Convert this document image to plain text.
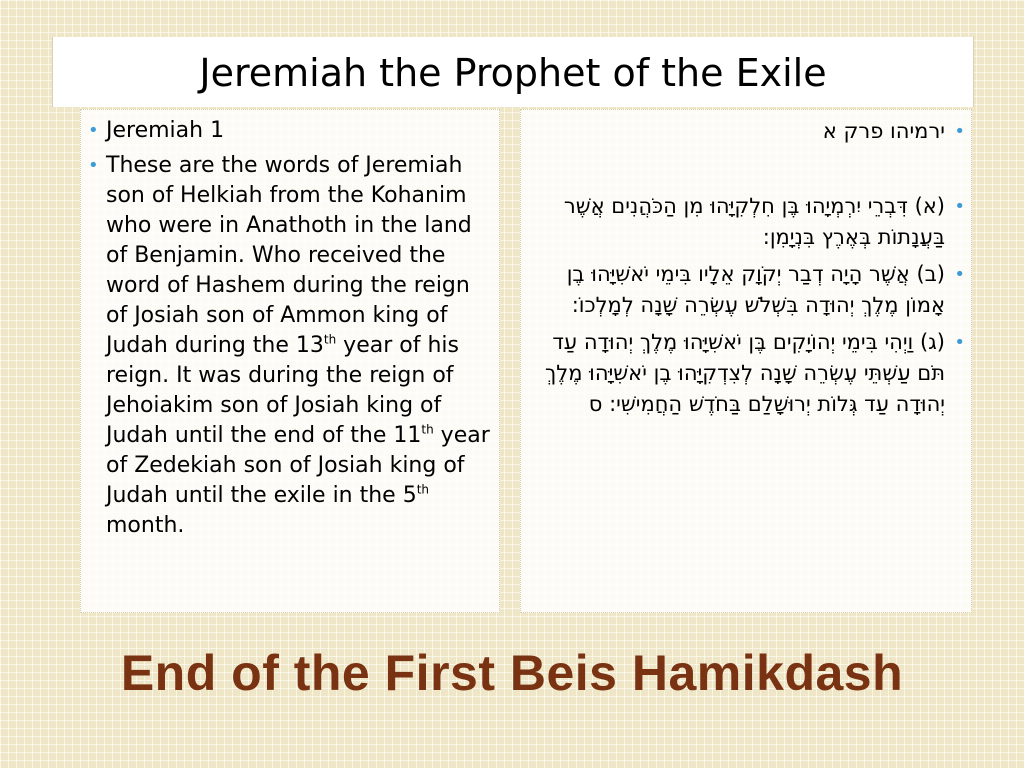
Jeremiah the Prophet of the Exile
• Jeremiah 1
• These are the words of Jeremiah son of Helkiah from the Kohanim who were in Anathoth in the land of Benjamin. Who received the word of Hashem during the reign of Josiah son of Ammon king of Judah during the 13th year of his reign. It was during the reign of Jehoiakim son of Josiah king of Judah until the end of the 11th year of Zedekiah son of Josiah king of Judah until the exile in the 5th month.
•
ירמיהו פרק א
•
(א) דִּבְרֵי יִרְמְיָהוּ בֶּן חִלְקִיָּהוּ מִן הַכֹּהֲנִים אֲשֶׁר בַּעֲנָתוֹת בְּאֶרֶץ בִּנְיָמִן:
•
(ב) אֲשֶׁר הָיָה דְבַר יְקֹוָק אֵלָיו בִּימֵי יֹאשִׁיָּהוּ בֶן אָמוֹן מֶלֶךְ יְהוּדָה בִּשְׁלֹשׁ עֶשְׂרֵה שָׁנָה לְמָלְכוֹ:
•
(ג) וַיְהִי בִּימֵי יְהוֹיָקִים בֶּן יֹאשִׁיָּהוּ מֶלֶךְ יְהוּדָה עַד תֹּם עַשְׁתֵּי עֶשְׂרֵה שָׁנָה לְצִדְקִיָּהוּ בֶן יֹאשִׁיָּהוּ מֶלֶךְ יְהוּדָה עַד גְּלוֹת יְרוּשָׁלַם בַּחֹדֶשׁ הַחֲמִישִׁי: ס
End of the First Beis Hamikdash
